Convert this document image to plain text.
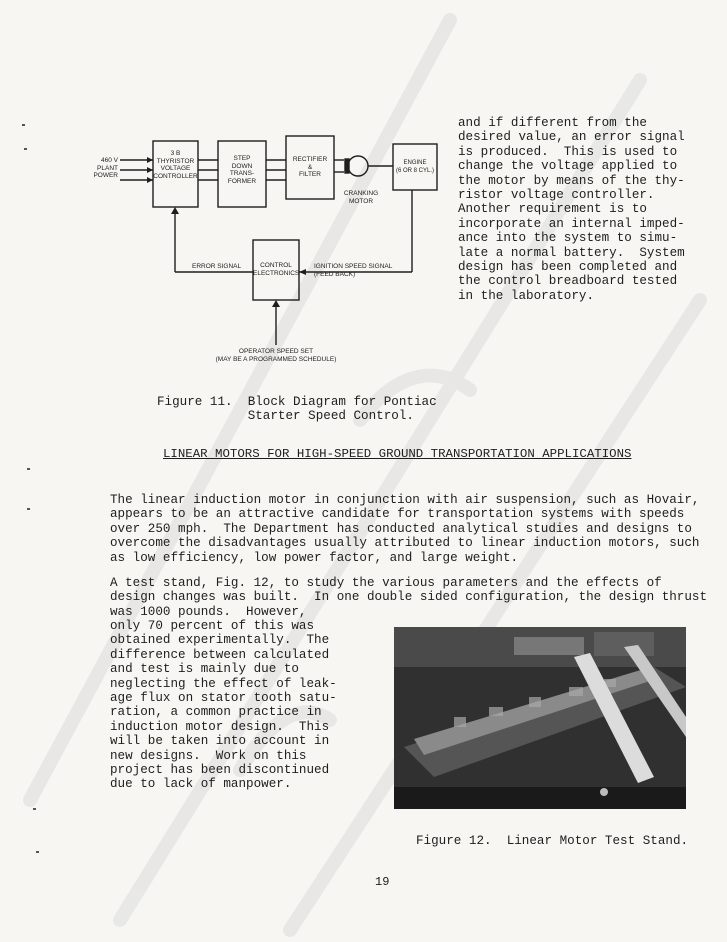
460 V
PLANT
POWER
3 Β
THYRISTOR
VOLTAGE
CONTROLLER
STEP
DOWN
TRANS-
FORMER
RECTIFIER
&
FILTER
ENGINE
(6 OR 8 CYL.)
CRANKING
MOTOR
CONTROL
ELECTRONICS
ERROR SIGNAL	IGNITION SPEED SIGNAL
(FEED BACK)
OPERATOR SPEED SET
(MAY BE A PROGRAMMED SCHEDULE)
and if different from the
desired value, an error signal
is produced.  This is used to
change the voltage applied to
the motor by means of the thy-
ristor voltage controller.
Another requirement is to
incorporate an internal imped-
ance into the system to simu-
late a normal battery.  System
design has been completed and
the control breadboard tested
in the laboratory.
Figure 11.  Block Diagram for Pontiac
Starter Speed Control.
LINEAR MOTORS FOR HIGH-SPEED GROUND TRANSPORTATION APPLICATIONS
The linear induction motor in conjunction with air suspension, such as Hovair,
appears to be an attractive candidate for transportation systems with speeds
over 250 mph.  The Department has conducted analytical studies and designs to
overcome the disadvantages usually attributed to linear induction motors, such
as low efficiency, low power factor, and large weight.
A test stand, Fig. 12, to study the various parameters and the effects of
design changes was built.  In one double sided configuration, the design thrust
was 1000 pounds.  However,
only 70 percent of this was
obtained experimentally.  The
difference between calculated
and test is mainly due to
neglecting the effect of leak-
age flux on stator tooth satu-
ration, a common practice in
induction motor design.  This
will be taken into account in
new designs.  Work on this
project has been discontinued
due to lack of manpower.
Figure 12.  Linear Motor Test Stand.
19
